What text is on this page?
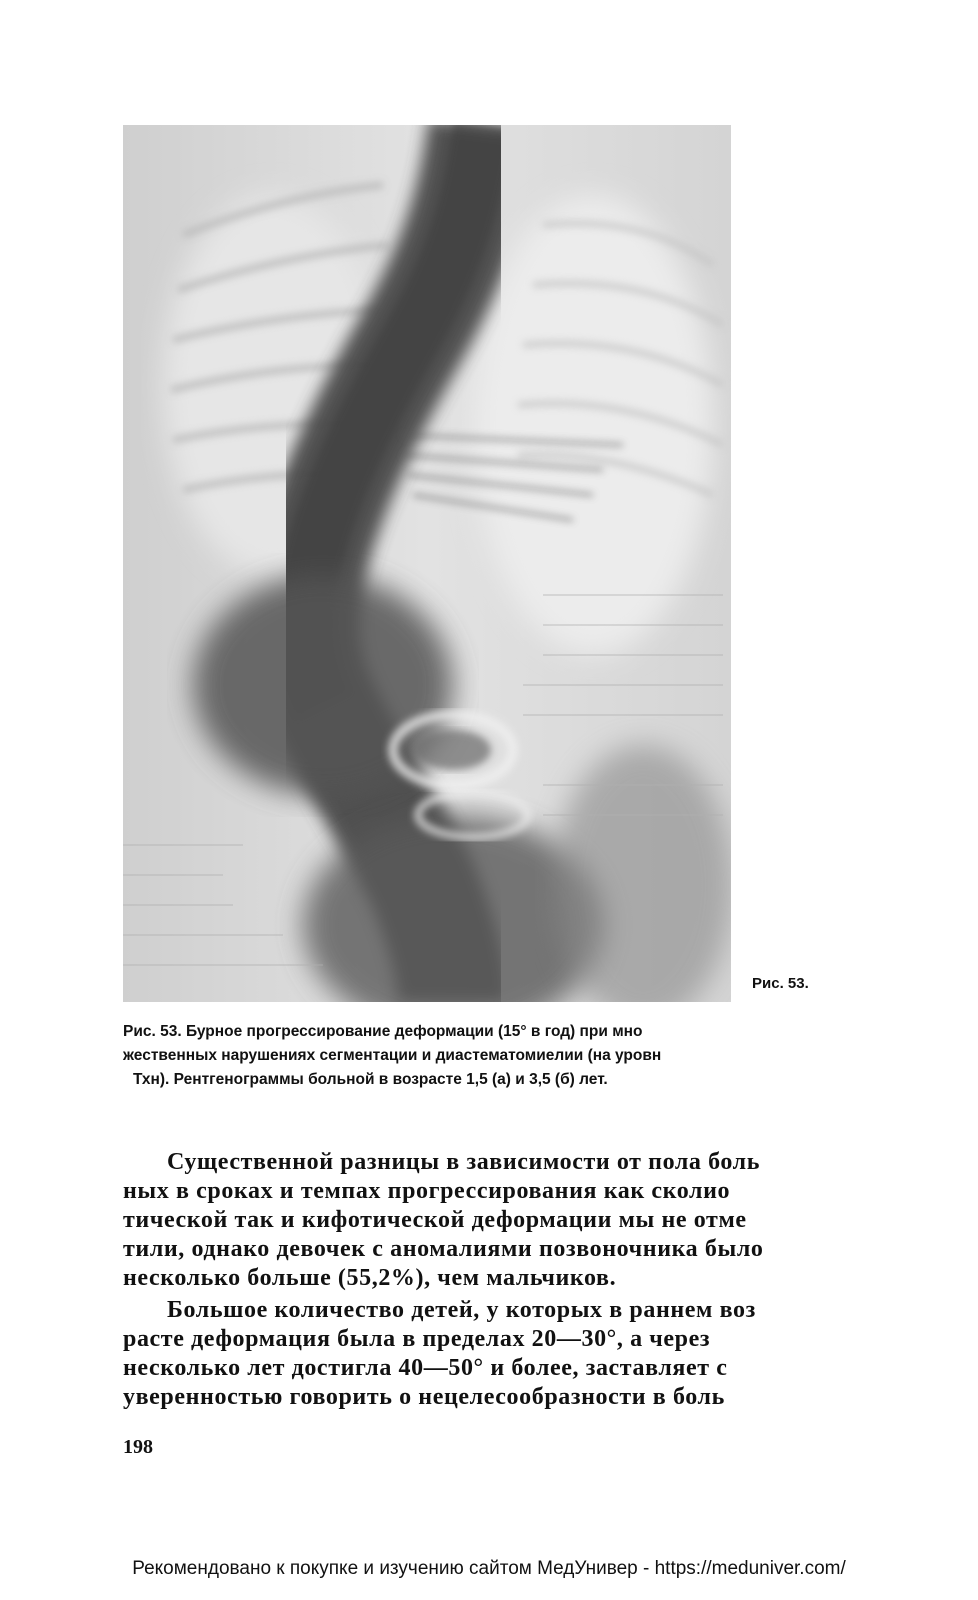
Рис. 53.
Рис. 53. Бурное прогрессирование деформации (15° в год) при мно
жественных нарушениях сегментации и диастематомиелии (на уровн
Тхн). Рентгенограммы больной в возрасте 1,5 (а) и 3,5 (б) лет.
Существенной разницы в зависимости от пола боль
ных в сроках и темпах прогрессирования как сколио
тической так и кифотической деформации мы не отме
тили, однако девочек с аномалиями позвоночника было
несколько больше (55,2%), чем мальчиков.
Большое количество детей, у которых в раннем воз
расте деформация была в пределах 20—30°, а через
несколько лет достигла 40—50° и более, заставляет с
уверенностью говорить о нецелесообразности в боль
198
Рекомендовано к покупке и изучению сайтом МедУнивер - https://meduniver.com/
